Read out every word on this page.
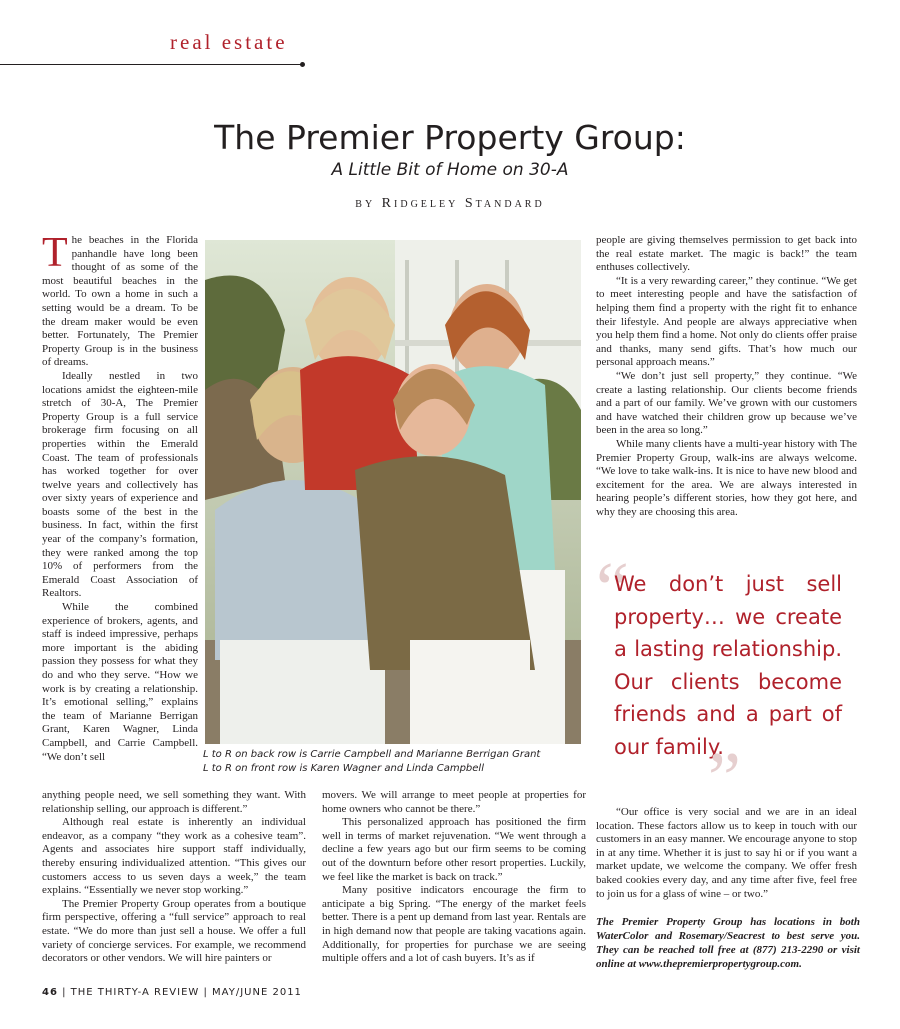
real estate
The Premier Property Group:
A Little Bit of Home on 30-A
by Ridgeley Standard

The beaches in the Florida panhandle have long been thought of as some of the most beautiful beaches in the world. To own a home in such a setting would be a dream. To be the dream maker would be even better. Fortunately, The Premier Property Group is in the business of dreams.

Ideally nestled in two locations amidst the eighteen-mile stretch of 30-A, The Premier Property Group is a full service brokerage firm focusing on all properties within the Emerald Coast. The team of professionals has worked together for over twelve years and collectively has over sixty years of experience and boasts some of the best in the business. In fact, within the first year of the company’s formation, they were ranked among the top 10% of performers from the Emerald Coast Association of Realtors.

While the combined experience of brokers, agents, and staff is indeed impressive, perhaps more important is the abiding passion they possess for what they do and who they serve. “How we work is by creating a relationship. It’s emotional selling,” explains the team of Marianne Berrigan Grant, Karen Wagner, Linda Campbell, and Carrie Campbell. “We don’t sell

anything people need, we sell something they want. With relationship selling, our approach is different.”

Although real estate is inherently an individual endeavor, as a company “they work as a cohesive team”. Agents and associates hire support staff individually, thereby ensuring individualized attention. “This gives our customers access to us seven days a week,” the team explains. “Essentially we never stop working.”

The Premier Property Group operates from a boutique firm perspective, offering a “full service” approach to real estate. “We do more than just sell a house. We offer a full variety of concierge services. For example, we recommend decorators or other vendors. We will hire painters or

L to R on back row is Carrie Campbell and Marianne Berrigan Grant
L to R on front row is Karen Wagner and Linda Campbell

movers. We will arrange to meet people at properties for home owners who cannot be there.”

This personalized approach has positioned the firm well in terms of market rejuvenation. “We went through a decline a few years ago but our firm seems to be coming out of the downturn before other resort properties. Luckily, we feel like the market is back on track.”

Many positive indicators encourage the firm to anticipate a big Spring. “The energy of the market feels better. There is a pent up demand from last year. Rentals are in high demand now that people are taking vacations again. Additionally, for properties for purchase we are seeing multiple offers and a lot of cash buyers. It’s as if

people are giving themselves permission to get back into the real estate market. The magic is back!” the team enthuses collectively.

“It is a very rewarding career,” they continue. “We get to meet interesting people and have the satisfaction of helping them find a property with the right fit to enhance their lifestyle. And people are always appreciative when you help them find a home. Not only do clients offer praise and thanks, many send gifts. That’s how much our personal approach means.”

“We don’t just sell property,” they continue. “We create a lasting relationship. Our clients become friends and a part of our family. We’ve grown with our customers and have watched their children grow up because we’ve been in the area so long.”

While many clients have a multi-year history with The Premier Property Group, walk-ins are always welcome. “We love to take walk-ins. It is nice to have new blood and excitement for the area. We are always interested in hearing people’s different stories, how they got here, and why they are choosing this area.

“
We don’t just sell property… we create a lasting relationship. Our clients become friends and a part of our family.
”

“Our office is very social and we are in an ideal location. These factors allow us to keep in touch with our customers in an easy manner. We encourage anyone to stop in at any time. Whether it is just to say hi or if you want a market update, we welcome the company. We offer fresh baked cookies every day, and any time after five, feel free to join us for a glass of wine – or two.”

The Premier Property Group has locations in both WaterColor and Rosemary/Seacrest to best serve you. They can be reached toll free at (877) 213-2290 or visit online at www.thepremierpropertygroup.com.
46 | THE THIRTY-A REVIEW | MAY/JUNE 2011
